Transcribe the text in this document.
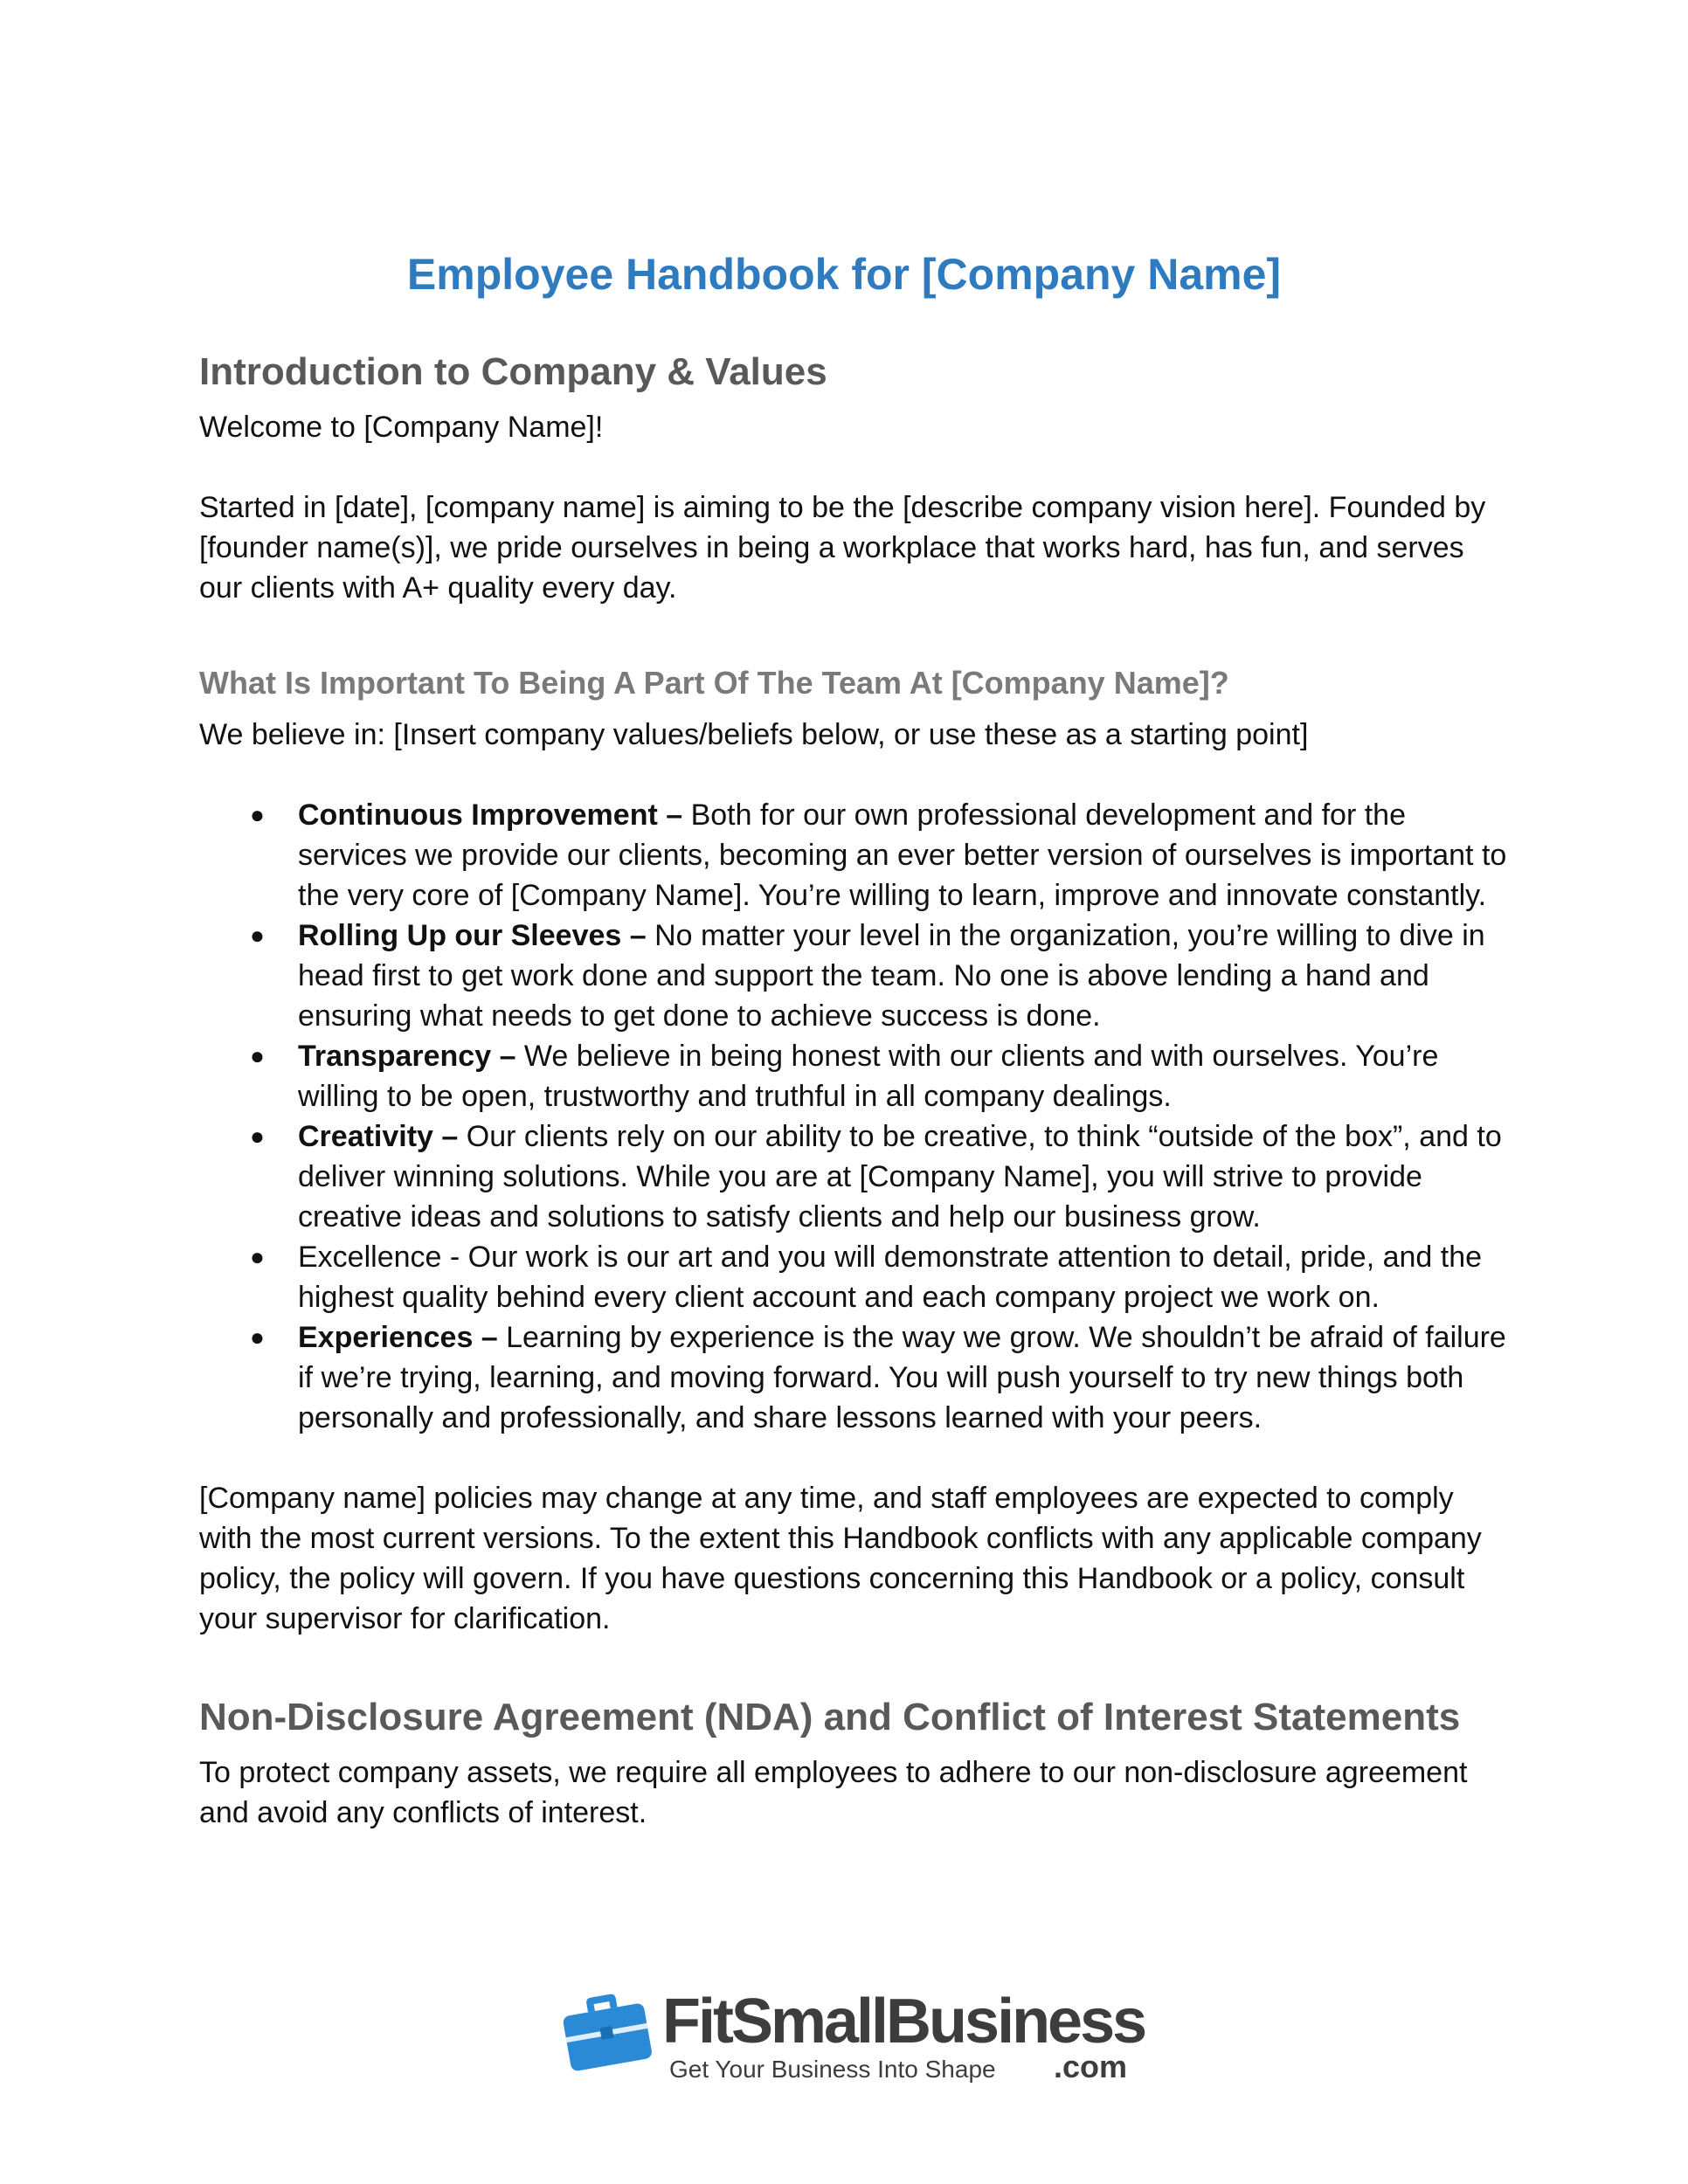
Employee Handbook for [Company Name]
Introduction to Company & Values

Welcome to [Company Name]!

Started in [date], [company name] is aiming to be the [describe company vision here]. Founded by [founder name(s)], we pride ourselves in being a workplace that works hard, has fun, and serves our clients with A+ quality every day.

What Is Important To Being A Part Of The Team At [Company Name]?

We believe in: [Insert company values/beliefs below, or use these as a starting point]

● Continuous Improvement – Both for our own professional development and for the services we provide our clients, becoming an ever better version of ourselves is important to the very core of [Company Name]. You’re willing to learn, improve and innovate constantly.
● Rolling Up our Sleeves – No matter your level in the organization, you’re willing to dive in head first to get work done and support the team. No one is above lending a hand and ensuring what needs to get done to achieve success is done.
● Transparency – We believe in being honest with our clients and with ourselves. You’re willing to be open, trustworthy and truthful in all company dealings.
● Creativity – Our clients rely on our ability to be creative, to think “outside of the box”, and to deliver winning solutions. While you are at [Company Name], you will strive to provide creative ideas and solutions to satisfy clients and help our business grow.
● Excellence - Our work is our art and you will demonstrate attention to detail, pride, and the highest quality behind every client account and each company project we work on.
● Experiences – Learning by experience is the way we grow. We shouldn’t be afraid of failure if we’re trying, learning, and moving forward. You will push yourself to try new things both personally and professionally, and share lessons learned with your peers.

[Company name] policies may change at any time, and staff employees are expected to comply with the most current versions. To the extent this Handbook conflicts with any applicable company policy, the policy will govern. If you have questions concerning this Handbook or a policy, consult your supervisor for clarification.

Non-Disclosure Agreement (NDA) and Conflict of Interest Statements

To protect company assets, we require all employees to adhere to our non-disclosure agreement and avoid any conflicts of interest.

FitSmallBusiness
Get Your Business Into Shape .com
